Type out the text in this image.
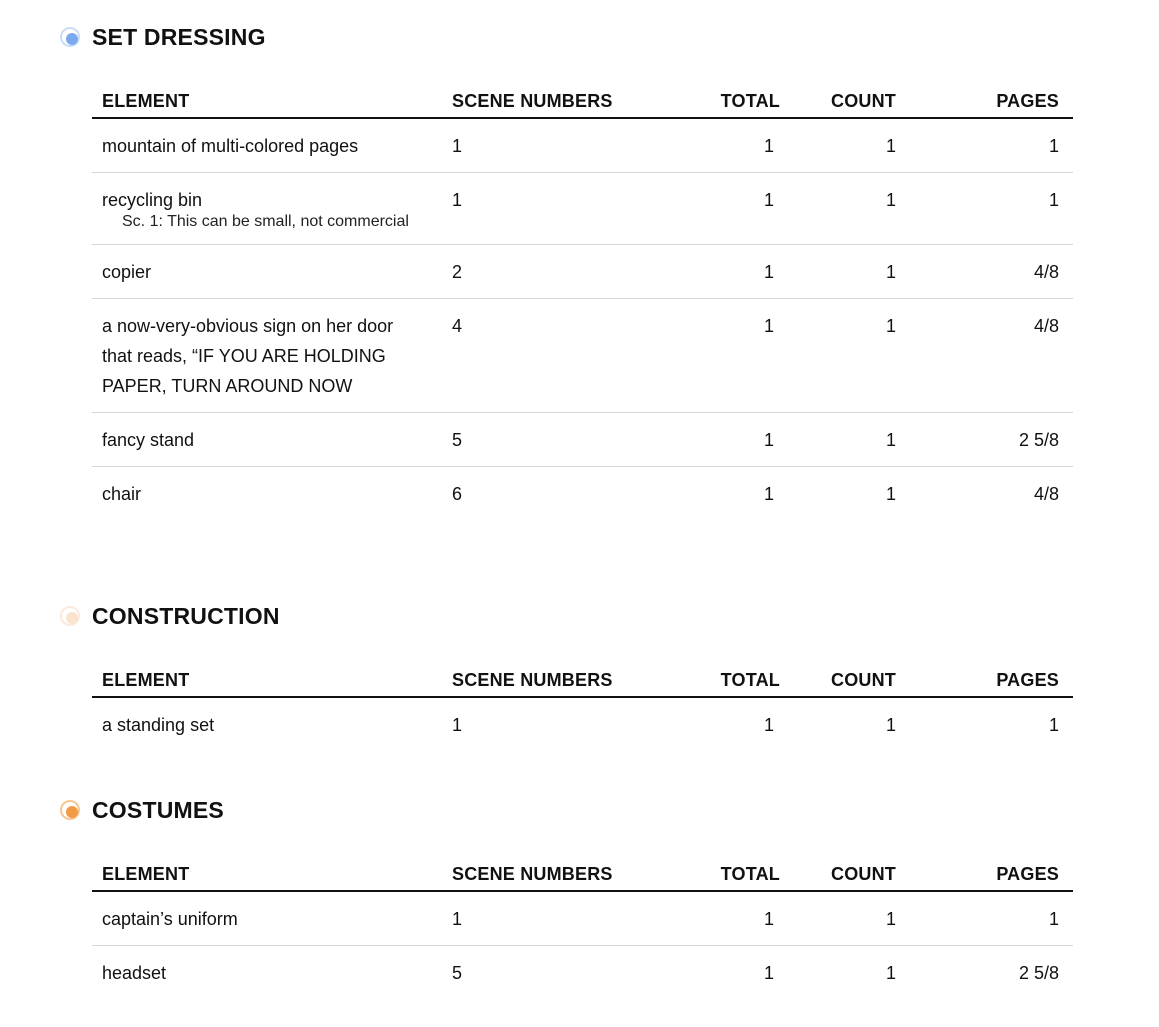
SET DRESSING
ELEMENT	SCENE NUMBERS	TOTAL	COUNT	PAGES
mountain of multi-colored pages	1	1	1	1
recycling bin	1	1	1	1

Sc. 1: This can be small, not commercial				

copier	2	1	1	4/8
a now-very-obvious sign on her door that reads, “IF YOU ARE HOLDING PAPER, TURN AROUND NOW	4	1	1	4/8
fancy stand	5	1	1	2 5/8
chair	6	1	1	4/8
CONSTRUCTION
ELEMENT	SCENE NUMBERS	TOTAL	COUNT	PAGES
a standing set	1	1	1	1
COSTUMES
ELEMENT	SCENE NUMBERS	TOTAL	COUNT	PAGES
captain’s uniform	1	1	1	1
headset	5	1	1	2 5/8
